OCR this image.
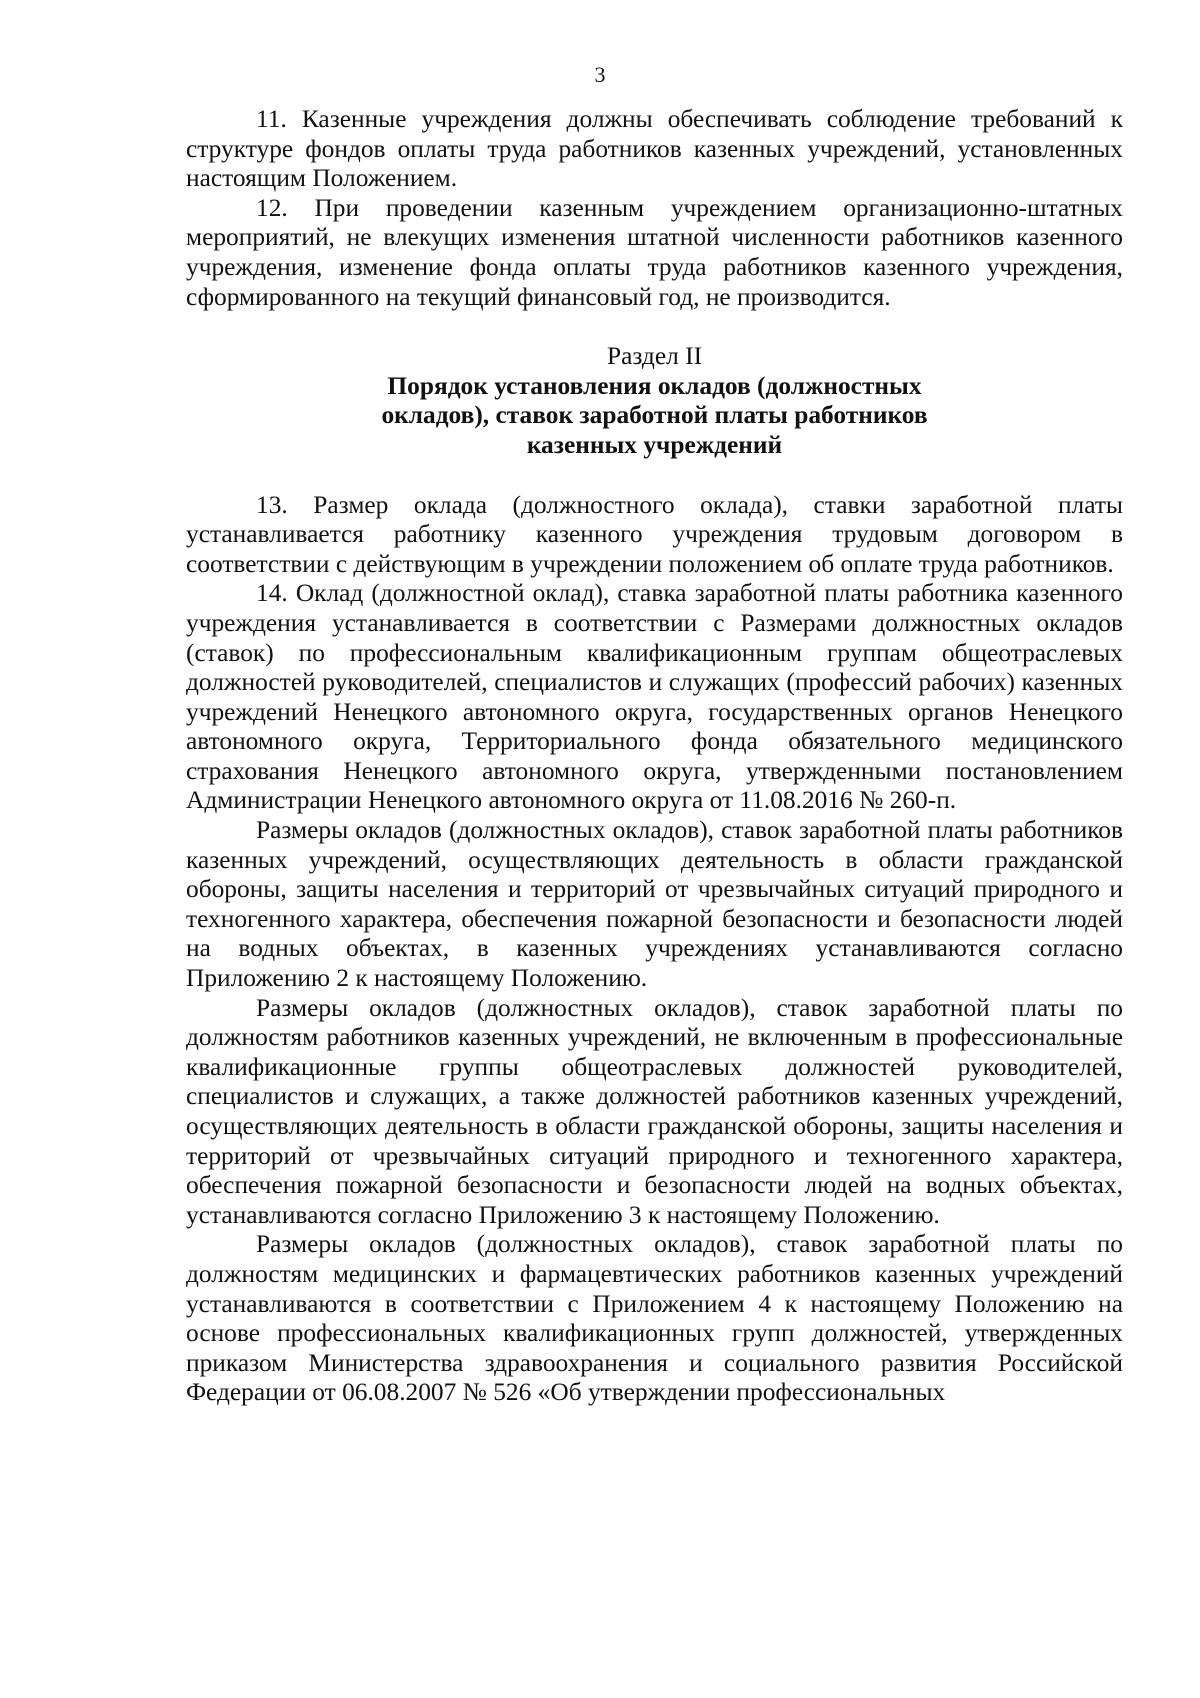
3

11. Казенные учреждения должны обеспечивать соблюдение требований к структуре фондов оплаты труда работников казенных учреждений, установленных настоящим Положением.

12. При проведении казенным учреждением организационно-штатных мероприятий, не влекущих изменения штатной численности работников казенного учреждения, изменение фонда оплаты труда работников казенного учреждения, сформированного на текущий финансовый год, не производится.

Раздел II
Порядок установления окладов (должностных окладов), ставок заработной платы работников казенных учреждений

13. Размер оклада (должностного оклада), ставки заработной платы устанавливается работнику казенного учреждения трудовым договором в соответствии с действующим в учреждении положением об оплате труда работников.

14. Оклад (должностной оклад), ставка заработной платы работника казенного учреждения устанавливается в соответствии с Размерами должностных окладов (ставок) по профессиональным квалификационным группам общеотраслевых должностей руководителей, специалистов и служащих (профессий рабочих) казенных учреждений Ненецкого автономного округа, государственных органов Ненецкого автономного округа, Территориального фонда обязательного медицинского страхования Ненецкого автономного округа, утвержденными постановлением Администрации Ненецкого автономного округа от 11.08.2016 № 260-п.

Размеры окладов (должностных окладов), ставок заработной платы работников казенных учреждений, осуществляющих деятельность в области гражданской обороны, защиты населения и территорий от чрезвычайных ситуаций природного и техногенного характера, обеспечения пожарной безопасности и безопасности людей на водных объектах, в казенных учреждениях устанавливаются согласно Приложению 2 к настоящему Положению.

Размеры окладов (должностных окладов), ставок заработной платы по должностям работников казенных учреждений, не включенным в профессиональные квалификационные группы общеотраслевых должностей руководителей, специалистов и служащих, а также должностей работников казенных учреждений, осуществляющих деятельность в области гражданской обороны, защиты населения и территорий от чрезвычайных ситуаций природного и техногенного характера, обеспечения пожарной безопасности и безопасности людей на водных объектах, устанавливаются согласно Приложению 3 к настоящему Положению.

Размеры окладов (должностных окладов), ставок заработной платы по должностям медицинских и фармацевтических работников казенных учреждений устанавливаются в соответствии с Приложением 4 к настоящему Положению на основе профессиональных квалификационных групп должностей, утвержденных приказом Министерства здравоохранения и социального развития Российской Федерации от 06.08.2007 № 526 «Об утверждении профессиональных
